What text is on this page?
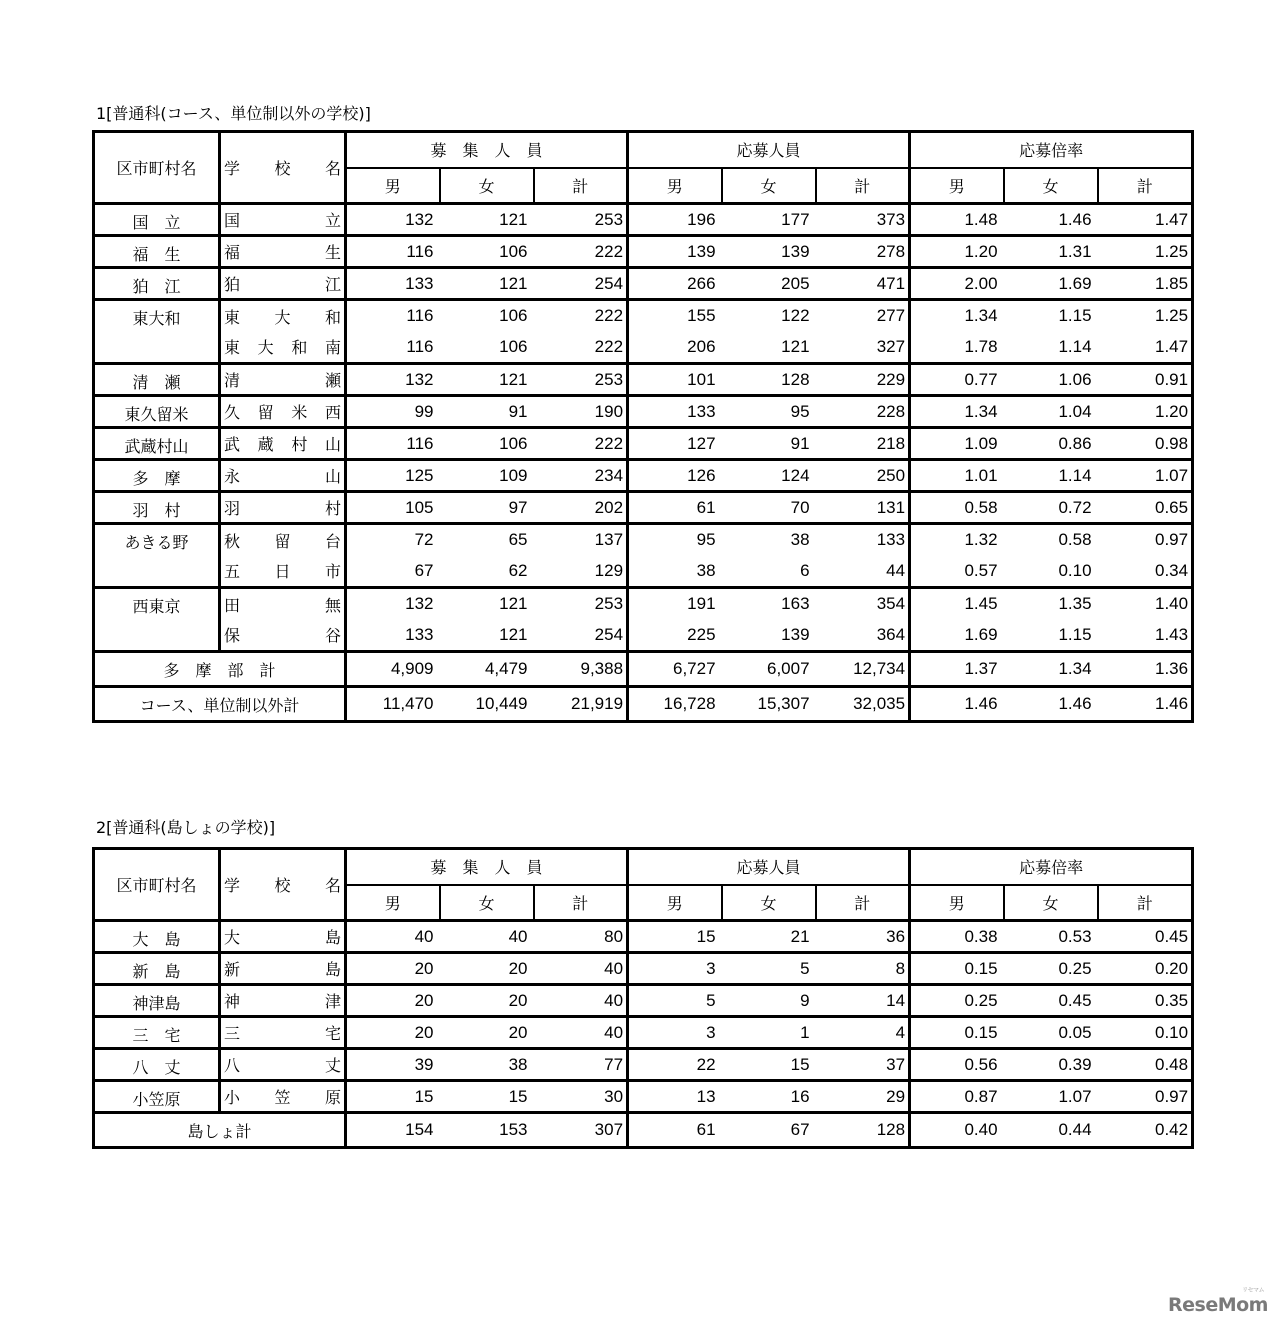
1[普通科(コース、単位制以外の学校)]
区市町村名	学 校 名	募　集　人　員			応募人員			応募倍率		
		男	女	計	男	女	計	男	女	計
国　立	国 立	132	121	253	196	177	373	1.48	1.46	1.47
福　生	福 生	116	106	222	139	139	278	1.20	1.31	1.25
狛　江	狛 江	133	121	254	266	205	471	2.00	1.69	1.85
東大和	東 大 和	116	106	222	155	122	277	1.34	1.15	1.25

	東 大 和 南	116	106	222	206	121	327	1.78	1.14	1.47
清　瀬	清 瀬	132	121	253	101	128	229	0.77	1.06	0.91
東久留米	久 留 米 西	99	91	190	133	95	228	1.34	1.04	1.20
武蔵村山	武 蔵 村 山	116	106	222	127	91	218	1.09	0.86	0.98
多　摩	永 山	125	109	234	126	124	250	1.01	1.14	1.07
羽　村	羽 村	105	97	202	61	70	131	0.58	0.72	0.65
あきる野	秋 留 台	72	65	137	95	38	133	1.32	0.58	0.97

	五 日 市	67	62	129	38	6	44	0.57	0.10	0.34
西東京	田 無	132	121	253	191	163	354	1.45	1.35	1.40

	保 谷	133	121	254	225	139	364	1.69	1.15	1.43
多　摩　部　計		4,909	4,479	9,388	6,727	6,007	12,734	1.37	1.34	1.36
コース、単位制以外計		11,470	10,449	21,919	16,728	15,307	32,035	1.46	1.46	1.46
2[普通科(島しょの学校)]
区市町村名	学 校 名	募　集　人　員			応募人員			応募倍率		
		男	女	計	男	女	計	男	女	計
大　島	大 島	40	40	80	15	21	36	0.38	0.53	0.45
新　島	新 島	20	20	40	3	5	8	0.15	0.25	0.20
神津島	神 津	20	20	40	5	9	14	0.25	0.45	0.35
三　宅	三 宅	20	20	40	3	1	4	0.15	0.05	0.10
八　丈	八 丈	39	38	77	22	15	37	0.56	0.39	0.48
小笠原	小 笠 原	15	15	30	13	16	29	0.87	1.07	0.97
島しょ計		154	153	307	61	67	128	0.40	0.44	0.42
ReseMom
リセマム
